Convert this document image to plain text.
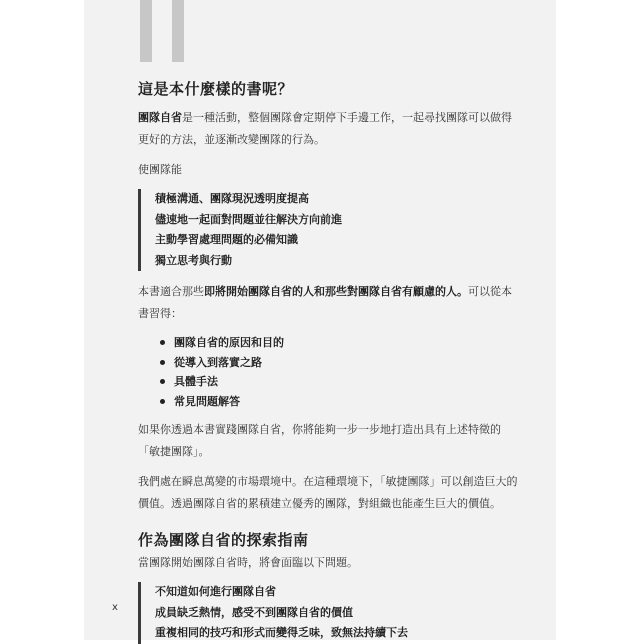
這是本什麼樣的書呢？

團隊自省是一種活動，整個團隊會定期停下手邊工作，一起尋找團隊可以做得更好的方法，並逐漸改變團隊的行為。

使團隊能

積極溝通、團隊現況透明度提高
儘速地一起面對問題並往解決方向前進
主動學習處理問題的必備知識
獨立思考與行動

本書適合那些即將開始團隊自省的人和那些對團隊自省有顧慮的人。可以從本書習得：

團隊自省的原因和目的
從導入到落實之路
具體手法
常見問題解答

如果你透過本書實踐團隊自省，你將能夠一步一步地打造出具有上述特徵的「敏捷團隊」。

我們處在瞬息萬變的市場環境中。在這種環境下，「敏捷團隊」可以創造巨大的價值。透過團隊自省的累積建立優秀的團隊，對組織也能產生巨大的價值。

作為團隊自省的探索指南

當團隊開始團隊自省時，將會面臨以下問題。

不知道如何進行團隊自省
成員缺乏熱情，感受不到團隊自省的價值
重複相同的技巧和形式而變得乏味，致無法持續下去
x
